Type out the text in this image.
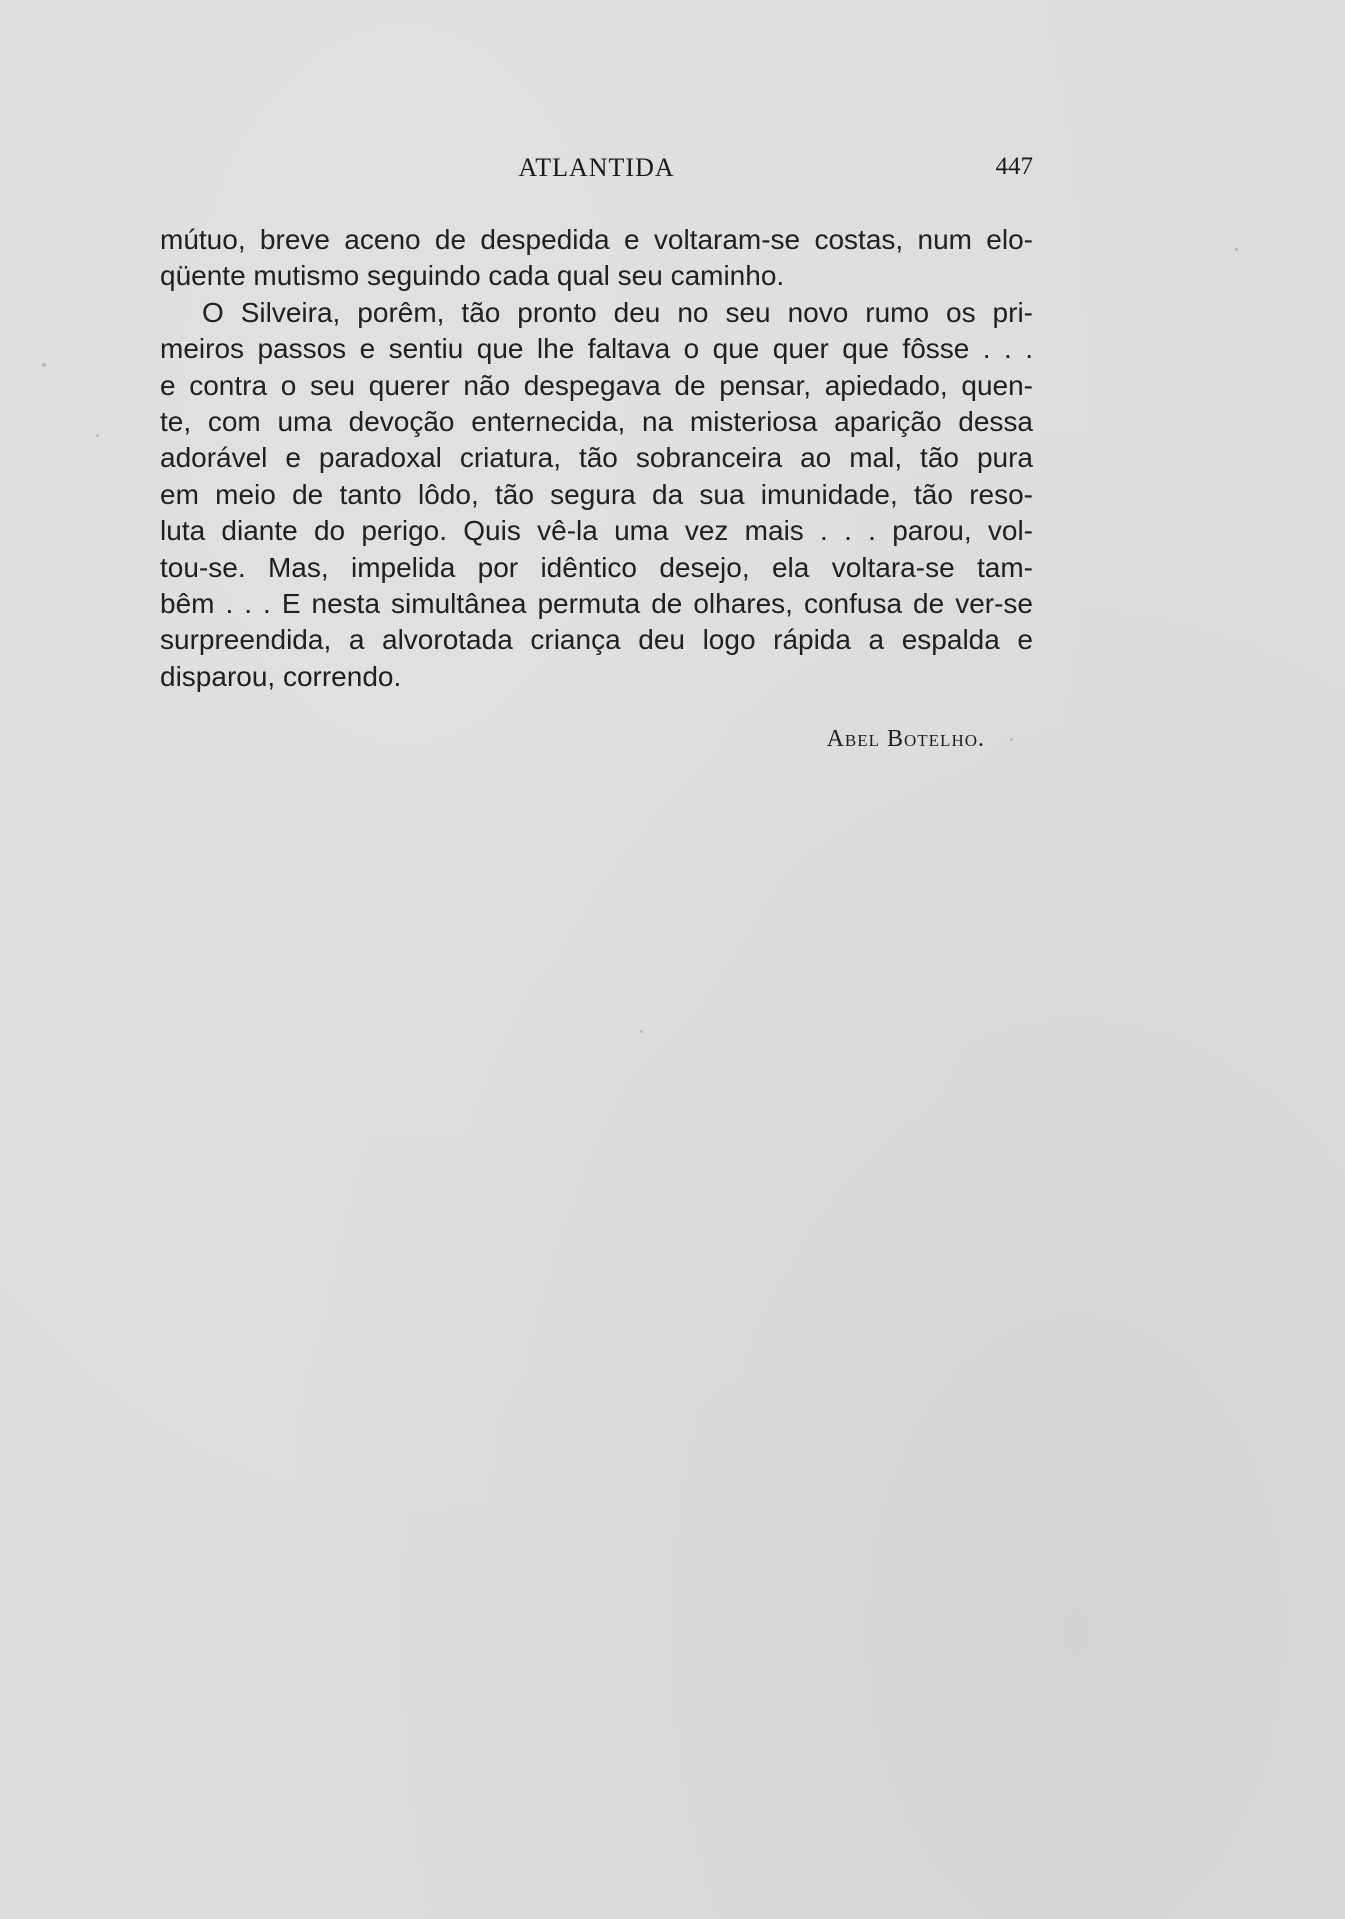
ATLANTIDA	447
mútuo, breve aceno de despedida e voltaram-se costas, num elo-
qüente mutismo seguindo cada qual seu caminho.
O Silveira, porêm, tão pronto deu no seu novo rumo os pri-
meiros passos e sentiu que lhe faltava o que quer que fôsse . . .
e contra o seu querer não despegava de pensar, apiedado, quen-
te, com uma devoção enternecida, na misteriosa aparição dessa
adorável e paradoxal criatura, tão sobranceira ao mal, tão pura
em meio de tanto lôdo, tão segura da sua imunidade, tão reso-
luta diante do perigo. Quis vê-la uma vez mais . . . parou, vol-
tou-se. Mas, impelida por idêntico desejo, ela voltara-se tam-
bêm . . . E nesta simultânea permuta de olhares, confusa de ver-se
surpreendida, a alvorotada criança deu logo rápida a espalda e
disparou, correndo.
Abel Botelho.
